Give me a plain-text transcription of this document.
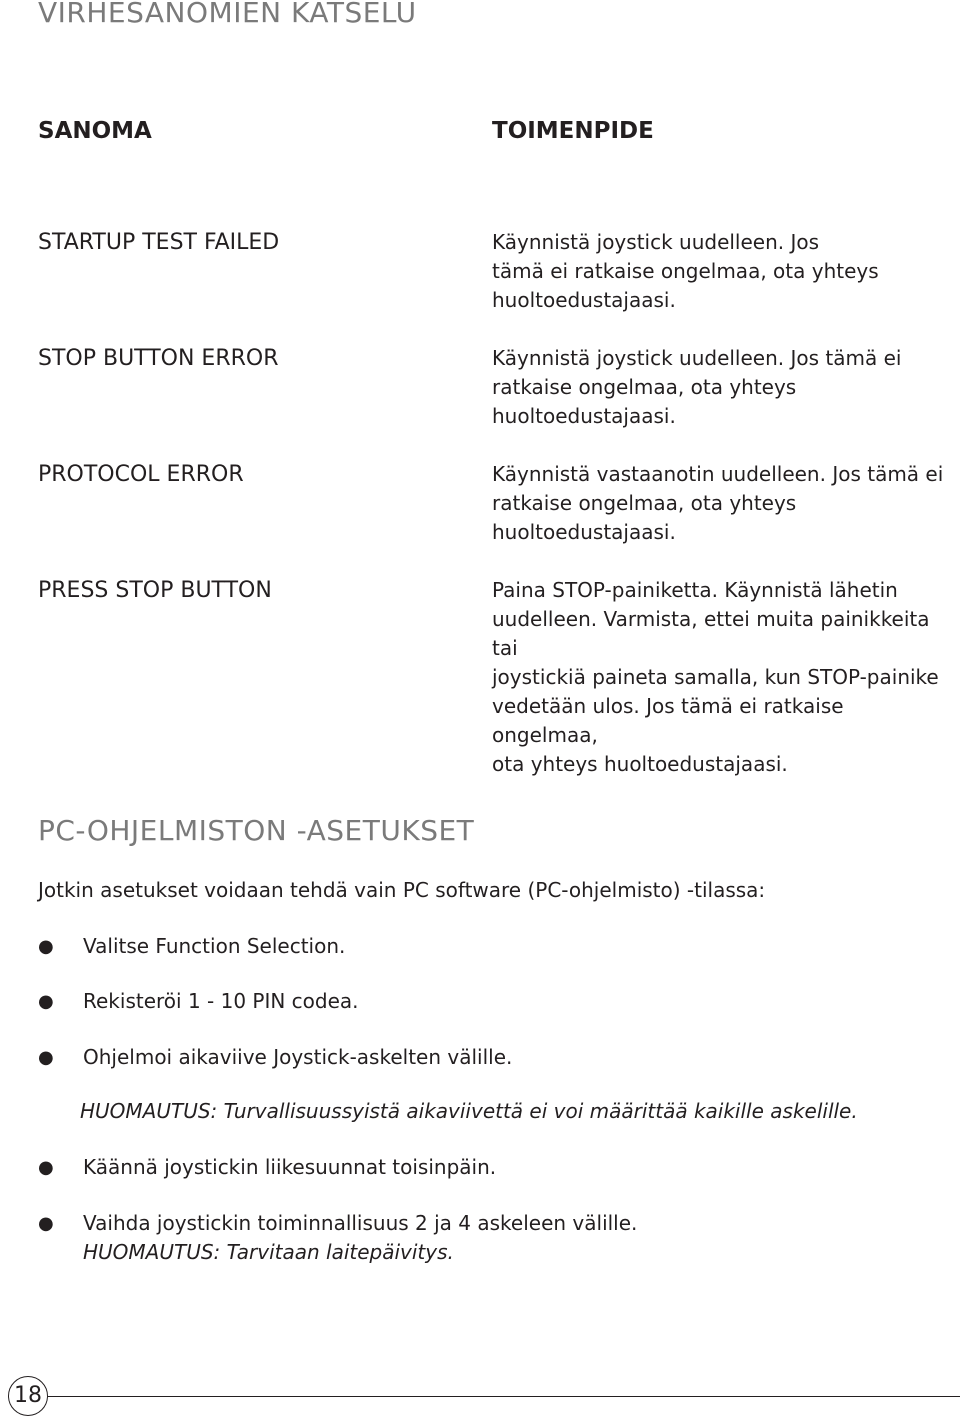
VIRHESANOMIEN KATSELU
SANOMA	TOIMENPIDE
STARTUP TEST FAILED	Käynnistä joystick uudelleen. Jos
tämä ei ratkaise ongelmaa, ota yhteys
huoltoedustajaasi.
STOP BUTTON ERROR	Käynnistä joystick uudelleen. Jos tämä ei
ratkaise ongelmaa, ota yhteys
huoltoedustajaasi.
PROTOCOL ERROR	Käynnistä vastaanotin uudelleen. Jos tämä ei
ratkaise ongelmaa, ota yhteys
huoltoedustajaasi.
PRESS STOP BUTTON	Paina STOP-painiketta. Käynnistä lähetin
uudelleen. Varmista, ettei muita painikkeita tai
joystickiä paineta samalla, kun STOP-painike
vedetään ulos. Jos tämä ei ratkaise ongelmaa,
ota yhteys huoltoedustajaasi.
PC-OHJELMISTON -ASETUKSET
Jotkin asetukset voidaan tehdä vain PC software (PC-ohjelmisto) -tilassa:
● Valitse Function Selection.
● Rekisteröi 1 - 10 PIN codea.
● Ohjelmoi aikaviive Joystick-askelten välille.
HUOMAUTUS: Turvallisuussyistä aikaviivettä ei voi määrittää kaikille askelille.
● Käännä joystickin liikesuunnat toisinpäin.
● Vaihda joystickin toiminnallisuus 2 ja 4 askeleen välille.
HUOMAUTUS: Tarvitaan laitepäivitys.
18
